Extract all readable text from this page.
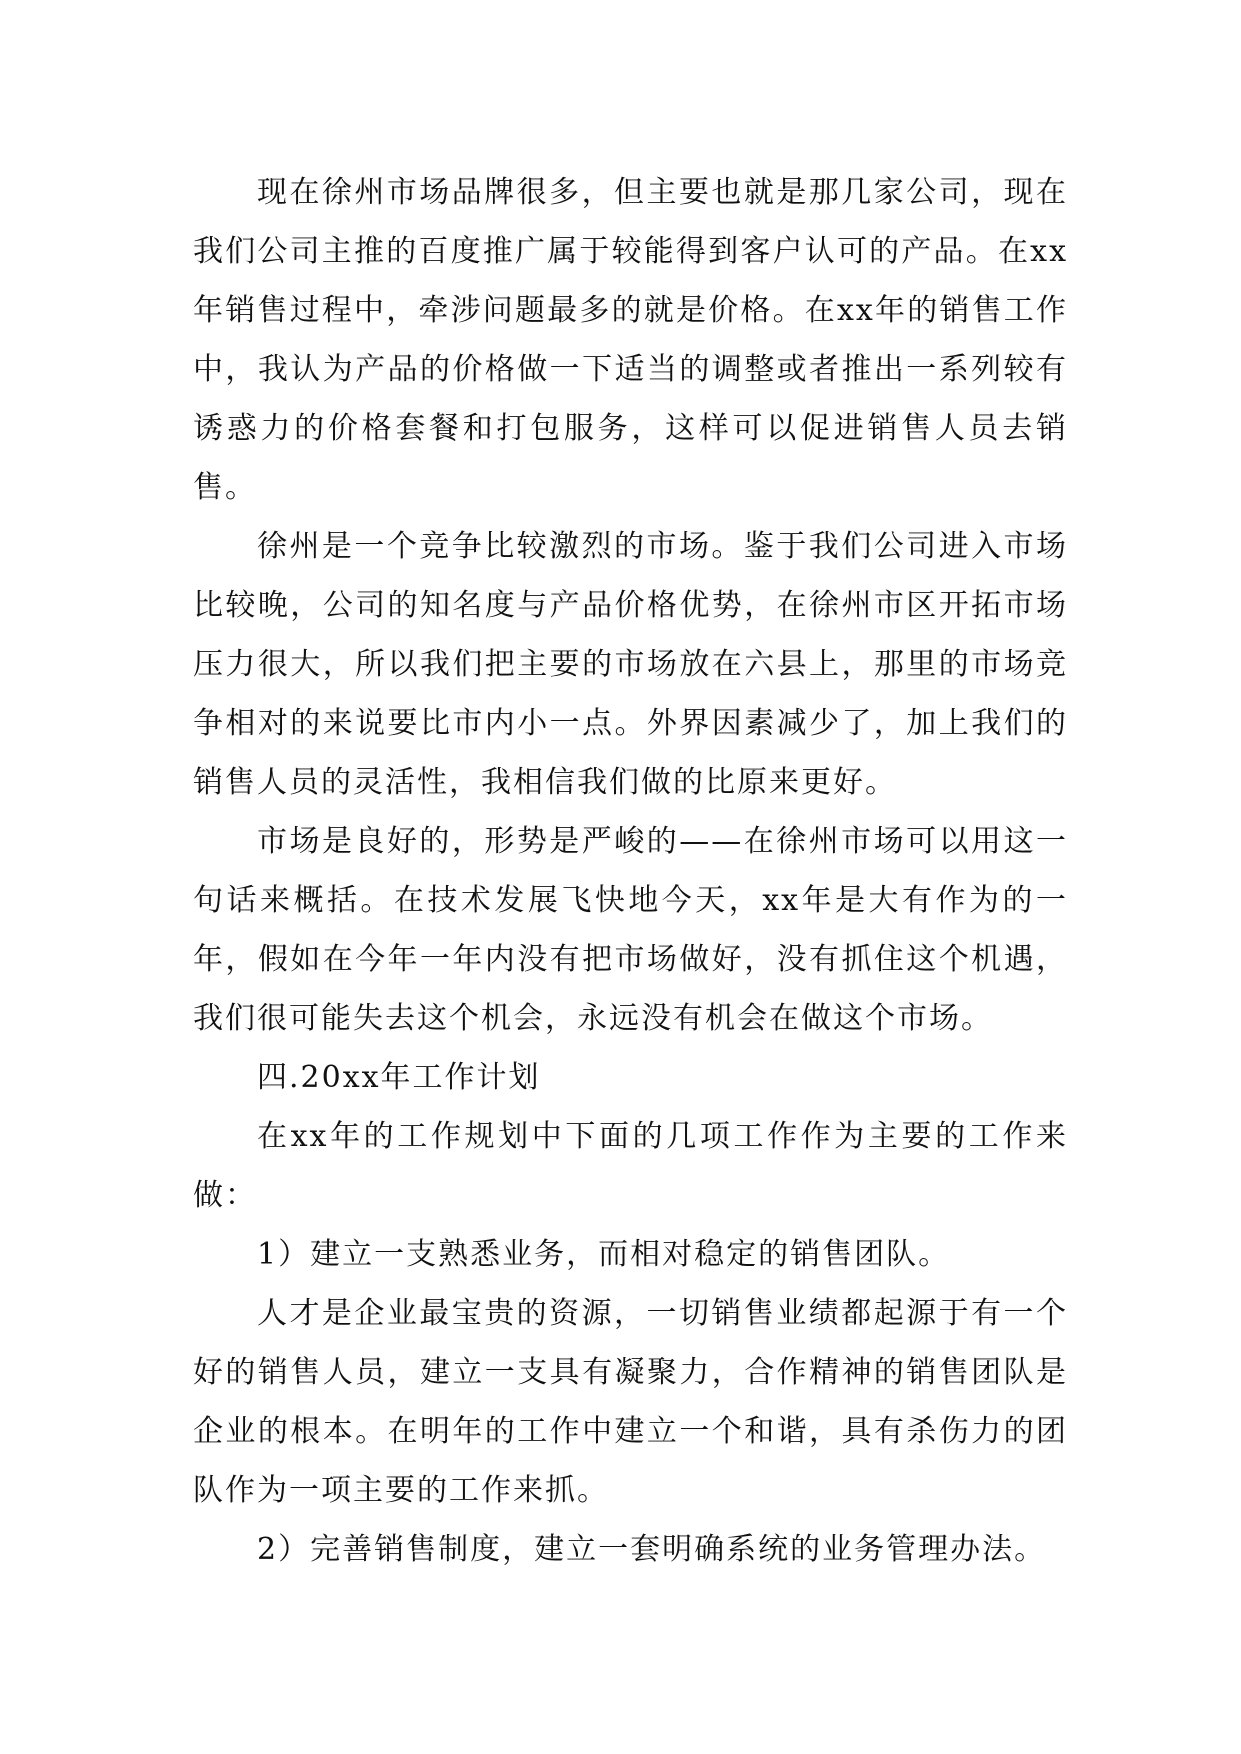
现在徐州市场品牌很多，但主要也就是那几家公司，现在我们公司主推的百度推广属于较能得到客户认可的产品。在xx年销售过程中，牵涉问题最多的就是价格。在xx年的销售工作中，我认为产品的价格做一下适当的调整或者推出一系列较有诱惑力的价格套餐和打包服务，这样可以促进销售人员去销售。

徐州是一个竞争比较激烈的市场。鉴于我们公司进入市场比较晚，公司的知名度与产品价格优势，在徐州市区开拓市场压力很大，所以我们把主要的市场放在六县上，那里的市场竞争相对的来说要比市内小一点。外界因素减少了，加上我们的销售人员的灵活性，我相信我们做的比原来更好。

市场是良好的，形势是严峻的——在徐州市场可以用这一句话来概括。在技术发展飞快地今天，xx年是大有作为的一年，假如在今年一年内没有把市场做好，没有抓住这个机遇，我们很可能失去这个机会，永远没有机会在做这个市场。

四.20xx年工作计划

在xx年的工作规划中下面的几项工作作为主要的工作来做：

1）建立一支熟悉业务，而相对稳定的销售团队。

人才是企业最宝贵的资源，一切销售业绩都起源于有一个好的销售人员，建立一支具有凝聚力，合作精神的销售团队是企业的根本。在明年的工作中建立一个和谐，具有杀伤力的团队作为一项主要的工作来抓。

2）完善销售制度，建立一套明确系统的业务管理办法。
